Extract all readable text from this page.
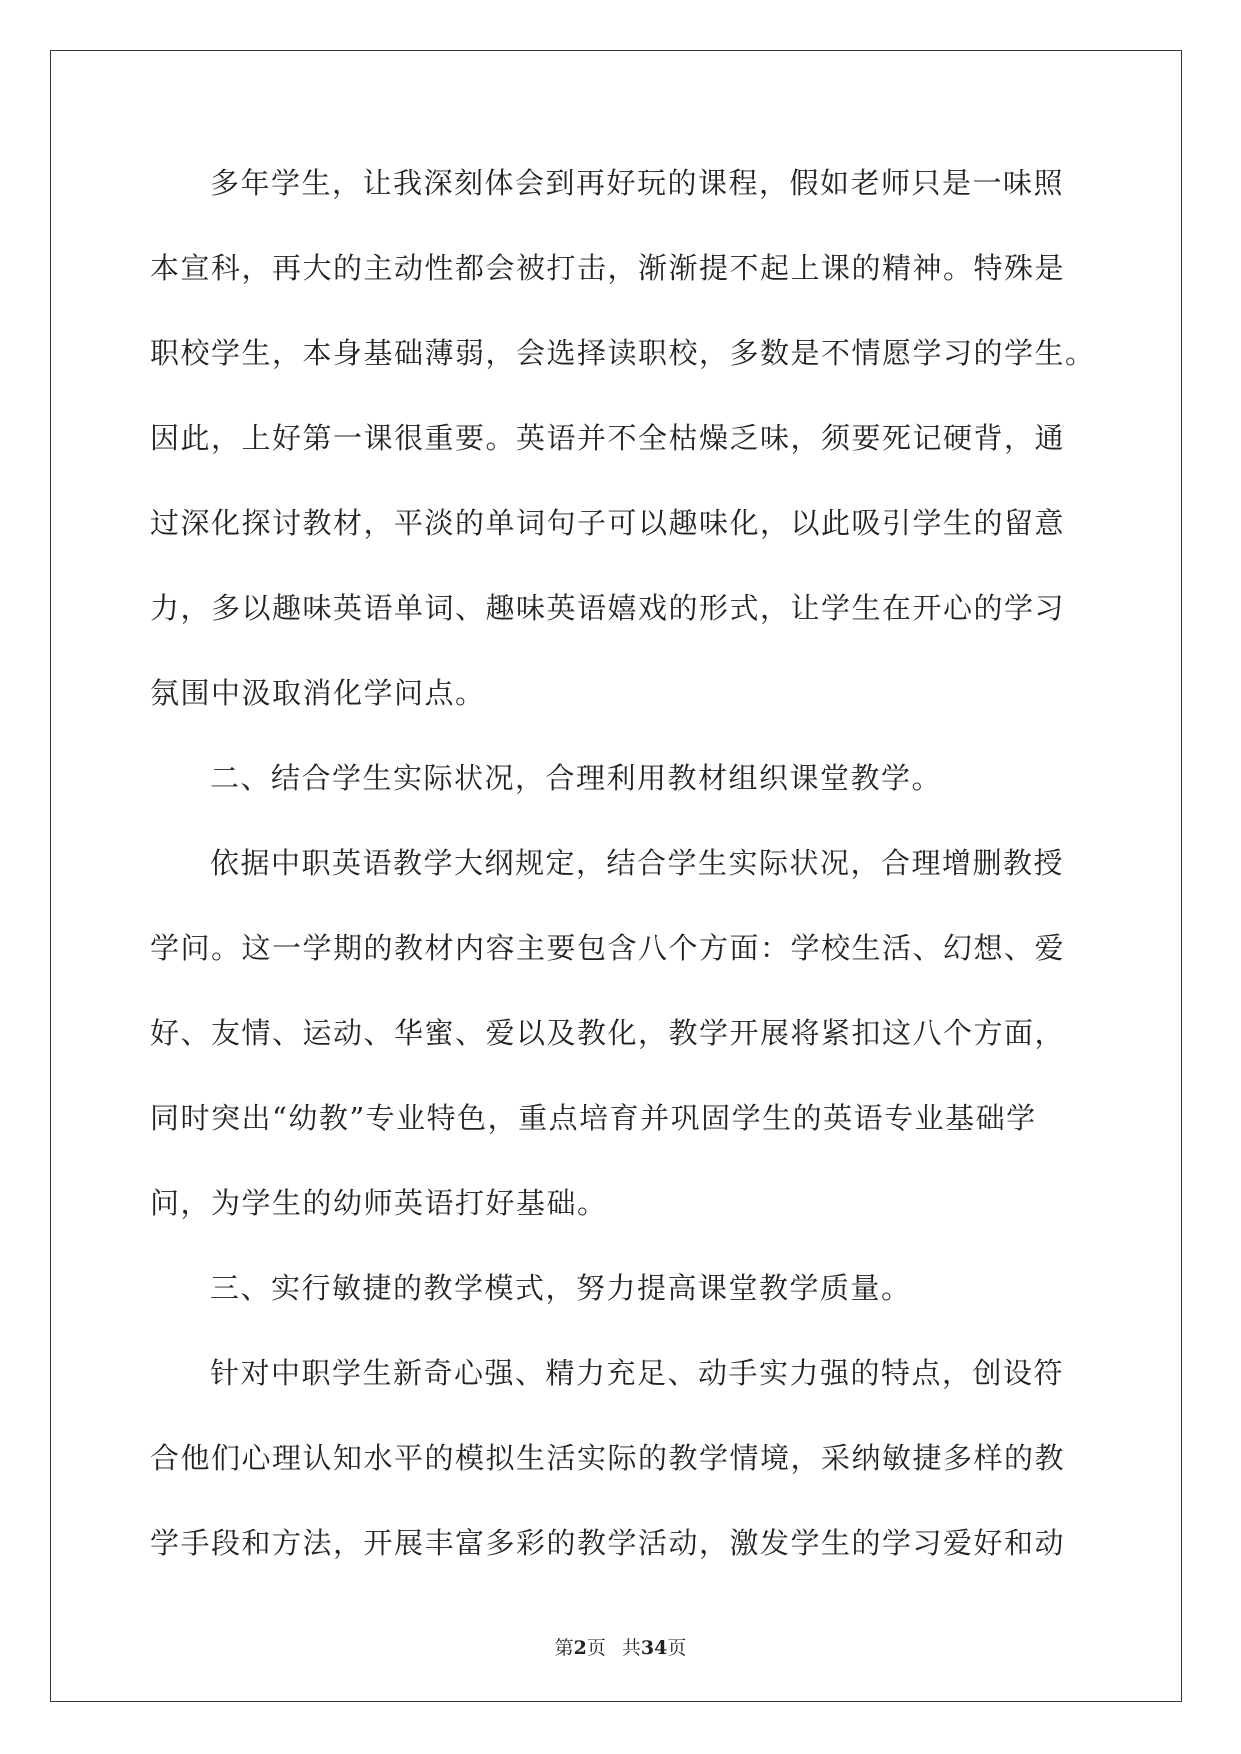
多年学生，让我深刻体会到再好玩的课程，假如老师只是一味照
本宣科，再大的主动性都会被打击，渐渐提不起上课的精神。特殊是
职校学生，本身基础薄弱，会选择读职校，多数是不情愿学习的学生。
因此，上好第一课很重要。英语并不全枯燥乏味，须要死记硬背，通
过深化探讨教材，平淡的单词句子可以趣味化，以此吸引学生的留意
力，多以趣味英语单词、趣味英语嬉戏的形式，让学生在开心的学习
氛围中汲取消化学问点。
二、结合学生实际状况，合理利用教材组织课堂教学。
依据中职英语教学大纲规定，结合学生实际状况，合理增删教授
学问。这一学期的教材内容主要包含八个方面：学校生活、幻想、爱
好、友情、运动、华蜜、爱以及教化，教学开展将紧扣这八个方面，
同时突出“幼教”专业特色，重点培育并巩固学生的英语专业基础学
问，为学生的幼师英语打好基础。
三、实行敏捷的教学模式，努力提高课堂教学质量。
针对中职学生新奇心强、精力充足、动手实力强的特点，创设符
合他们心理认知水平的模拟生活实际的教学情境，采纳敏捷多样的教
学手段和方法，开展丰富多彩的教学活动，激发学生的学习爱好和动
第2页 共34页
